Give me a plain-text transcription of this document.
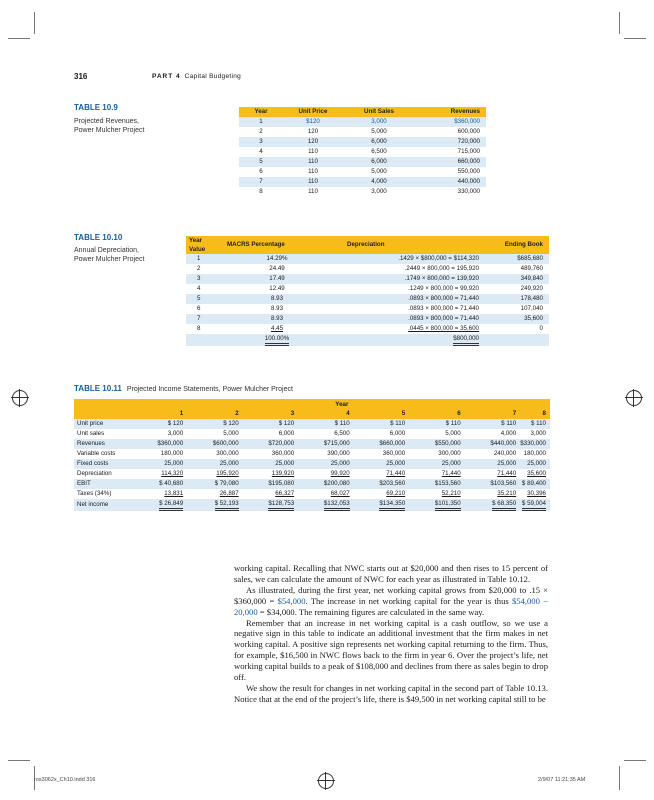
316	PART 4 Capital Budgeting
TABLE 10.9
Projected Revenues,
Power Mulcher Project
Year	Unit Price	Unit Sales	Revenues
1	$120	3,000	$360,000
2	120	5,000	600,000
3	120	6,000	720,000
4	110	6,500	715,000
5	110	6,000	660,000
6	110	5,000	550,000
7	110	4,000	440,000
8	110	3,000	330,000
TABLE 10.10
Annual Depreciation,
Power Mulcher Project
Year
Value	MACRS Percentage	Depreciation	Ending Book
1	14.29%	.1429 × $800,000 = $114,320	$685,680
2	24.49	.2449 × 800,000 = 195,920	489,760
3	17.49	.1749 × 800,000 = 139,920	349,840
4	12.49	.1249 × 800,000 = 99,920	249,920
5	8.93	.0893 × 800,000 = 71,440	178,480
6	8.93	.0893 × 800,000 = 71,440	107,040
7	8.93	.0893 × 800,000 = 71,440	35,600
8	4.45	.0445 × 800,000 = 35,600	0
	100.00%	$800,000	
TABLE 10.11 Projected Income Statements, Power Mulcher Project
	Year							
	1	2	3	4	5	6	7	8
Unit price	$ 120	$ 120	$ 120	$ 110	$ 110	$ 110	$ 110	$ 110
Unit sales	3,000	5,000	6,000	6,500	6,000	5,000	4,000	3,000
Revenues	$360,000	$600,000	$720,000	$715,000	$660,000	$550,000	$440,000	$330,000
Variable costs	180,000	300,000	360,000	390,000	360,000	300,000	240,000	180,000
Fixed costs	25,000	25,000	25,000	25,000	25,000	25,000	25,000	25,000
Depreciation	114,320	195,920	139,920	99,920	71,440	71,440	71,440	35,600
EBIT	$ 40,680	$ 79,080	$195,080	$200,080	$203,560	$153,560	$103,560	$ 89,400
Taxes (34%)	13,831	26,887	66,327	68,027	69,210	52,210	35,210	30,396
Net income	$ 26,849	$ 52,193	$128,753	$132,053	$134,350	$101,350	$ 68,350	$ 59,004

working capital. Recalling that NWC starts out at $20,000 and then rises to 15 percent of sales, we can calculate the amount of NWC for each year as illustrated in Table 10.12.

As illustrated, during the first year, net working capital grows from $20,000 to .15 × $360,000 = $54,000. The increase in net working capital for the year is thus $54,000 − 20,000 = $34,000. The remaining figures are calculated in the same way.

Remember that an increase in net working capital is a cash outflow, so we use a negative sign in this table to indicate an additional investment that the firm makes in net working capital. A positive sign represents net working capital returning to the firm. Thus, for example, $16,500 in NWC flows back to the firm in year 6. Over the project’s life, net working capital builds to a peak of $108,000 and declines from there as sales begin to drop off.

We show the result for changes in net working capital in the second part of Table 10.13. Notice that at the end of the project’s life, there is $49,500 in net working capital still to be

ros3062x_Ch10.indd 316	2/9/07 11:21:35 AM
